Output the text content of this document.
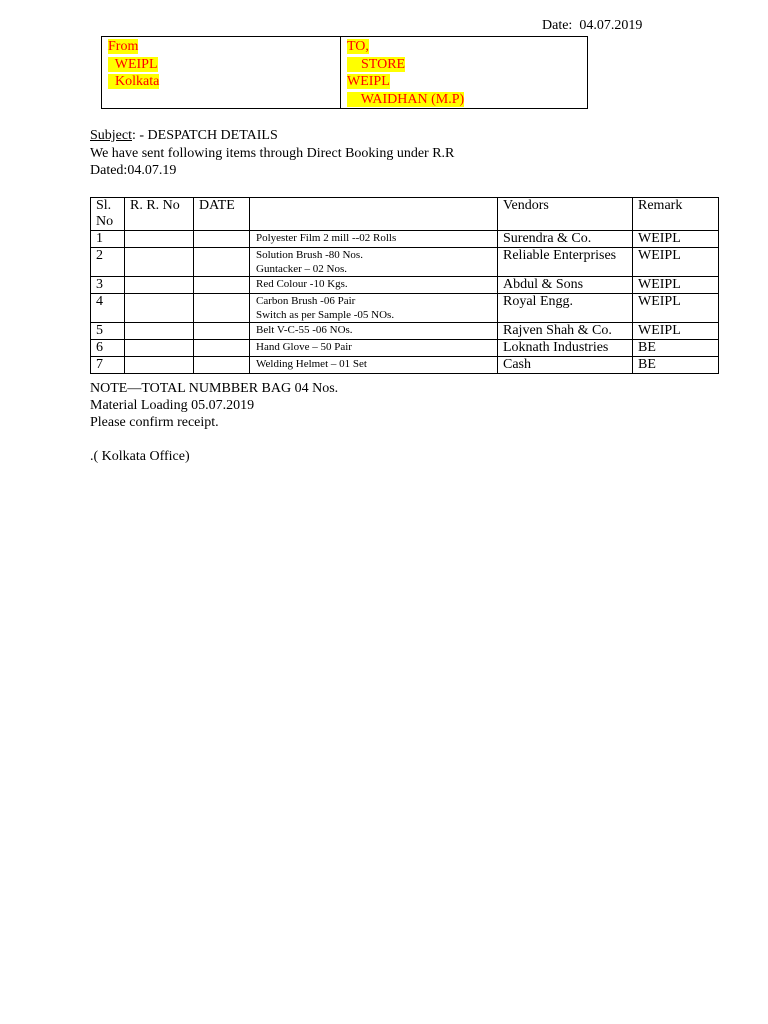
Date: 04.07.2019
From
WEIPL
Kolkata

TO,
STORE
WEIPL
WAIDHAN (M.P)
Subject: - DESPATCH DETAILS
We have sent following items through Direct Booking under R.R
Dated:04.07.19
Sl. No	R. R. No	DATE		Vendors	Remark
1			Polyester Film 2 mill --02 Rolls	Surendra & Co.	WEIPL
2			Solution Brush -80 Nos.
Guntacker – 02 Nos.	Reliable Enterprises	WEIPL
3			Red Colour -10 Kgs.	Abdul & Sons	WEIPL
4			Carbon Brush -06 Pair
Switch as per Sample -05 NOs.	Royal Engg.	WEIPL
5			Belt V-C-55 -06 NOs.	Rajven Shah & Co.	WEIPL
6			Hand Glove – 50 Pair	Loknath Industries	BE
7			Welding Helmet – 01 Set	Cash	BE
NOTE—TOTAL NUMBBER BAG 04 Nos.
Material Loading 05.07.2019
Please confirm receipt.
.( Kolkata Office)
